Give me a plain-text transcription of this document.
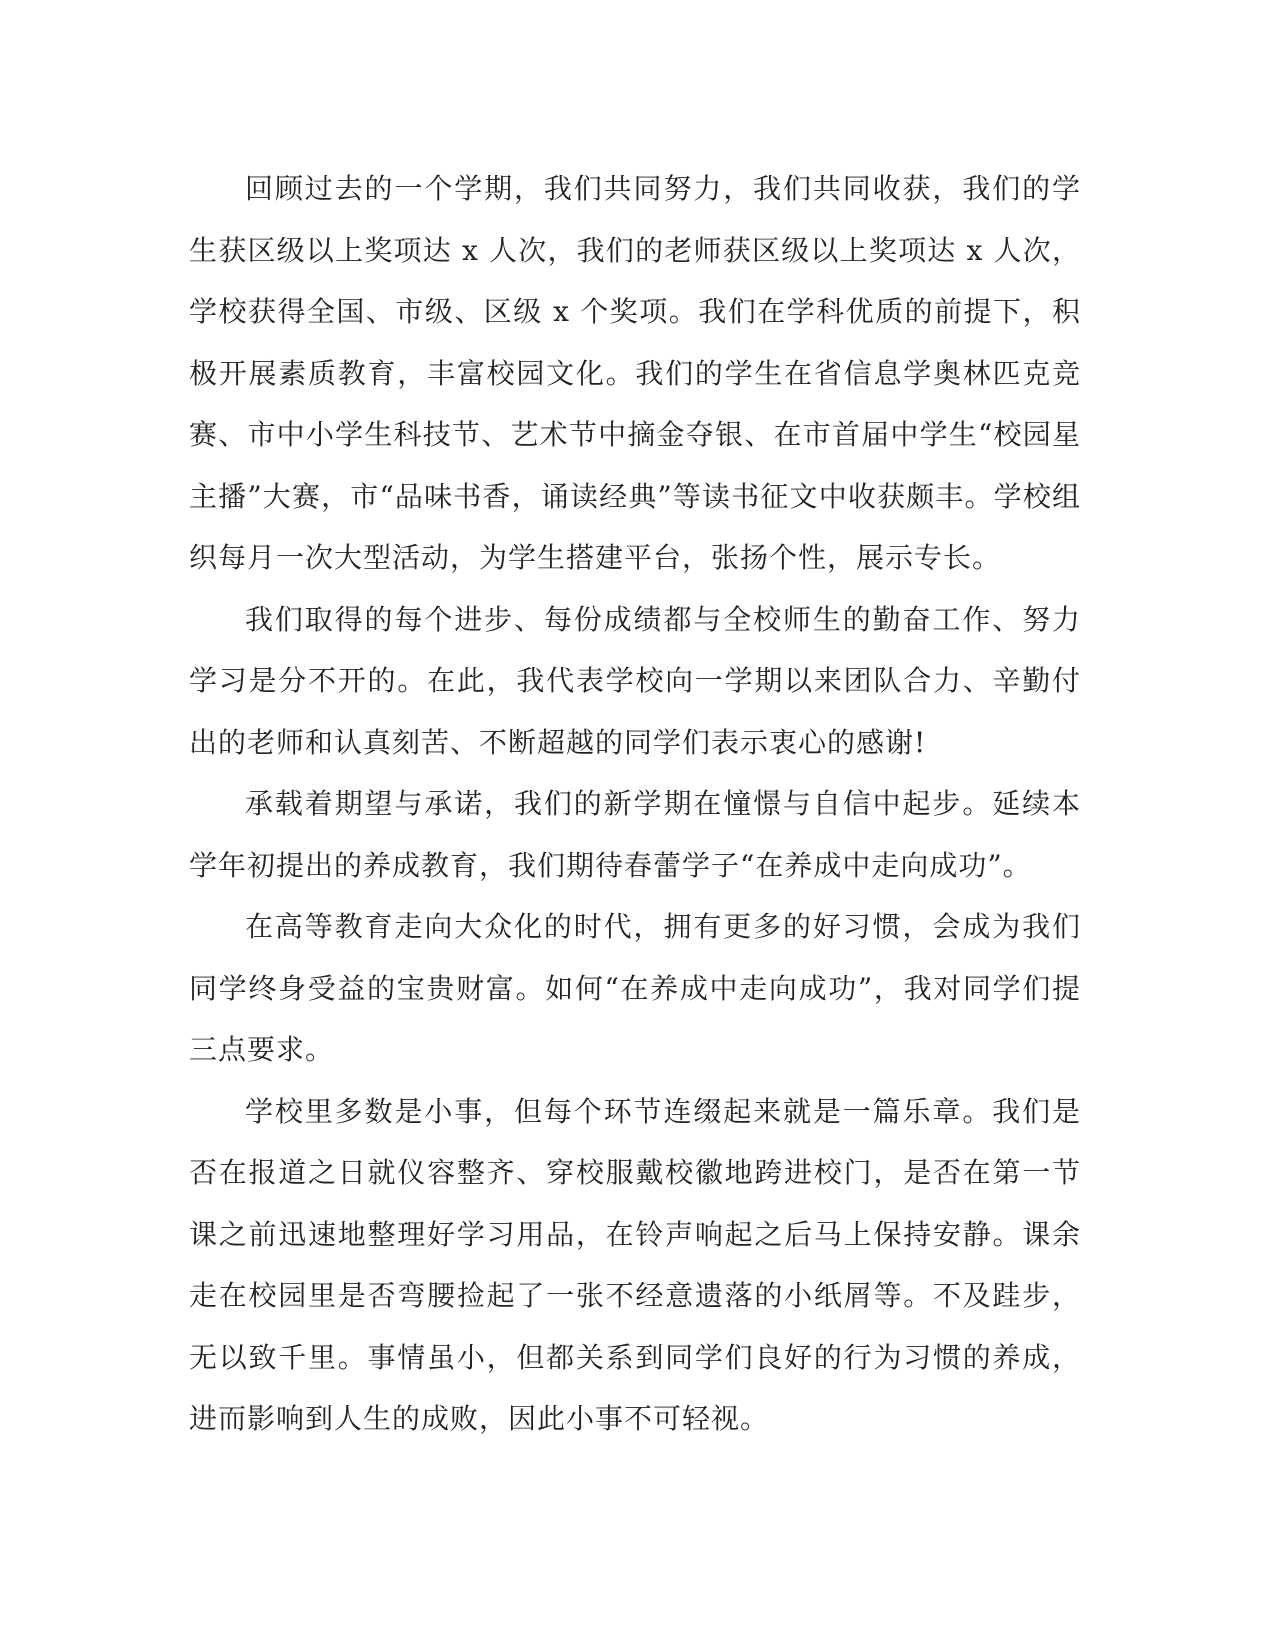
回顾过去的一个学期，我们共同努力，我们共同收获，我们的学生获区级以上奖项达 x 人次，我们的老师获区级以上奖项达 x 人次，学校获得全国、市级、区级 x 个奖项。我们在学科优质的前提下，积极开展素质教育，丰富校园文化。我们的学生在省信息学奥林匹克竞赛、市中小学生科技节、艺术节中摘金夺银、在市首届中学生“校园星主播”大赛，市“品味书香，诵读经典”等读书征文中收获颇丰。学校组织每月一次大型活动，为学生搭建平台，张扬个性，展示专长。

我们取得的每个进步、每份成绩都与全校师生的勤奋工作、努力学习是分不开的。在此，我代表学校向一学期以来团队合力、辛勤付出的老师和认真刻苦、不断超越的同学们表示衷心的感谢!

承载着期望与承诺，我们的新学期在憧憬与自信中起步。延续本学年初提出的养成教育，我们期待春蕾学子“在养成中走向成功”。

在高等教育走向大众化的时代，拥有更多的好习惯，会成为我们同学终身受益的宝贵财富。如何“在养成中走向成功”，我对同学们提三点要求。

学校里多数是小事，但每个环节连缀起来就是一篇乐章。我们是否在报道之日就仪容整齐、穿校服戴校徽地跨进校门，是否在第一节课之前迅速地整理好学习用品，在铃声响起之后马上保持安静。课余走在校园里是否弯腰捡起了一张不经意遗落的小纸屑等。不及跬步，无以致千里。事情虽小，但都关系到同学们良好的行为习惯的养成，进而影响到人生的成败，因此小事不可轻视。
